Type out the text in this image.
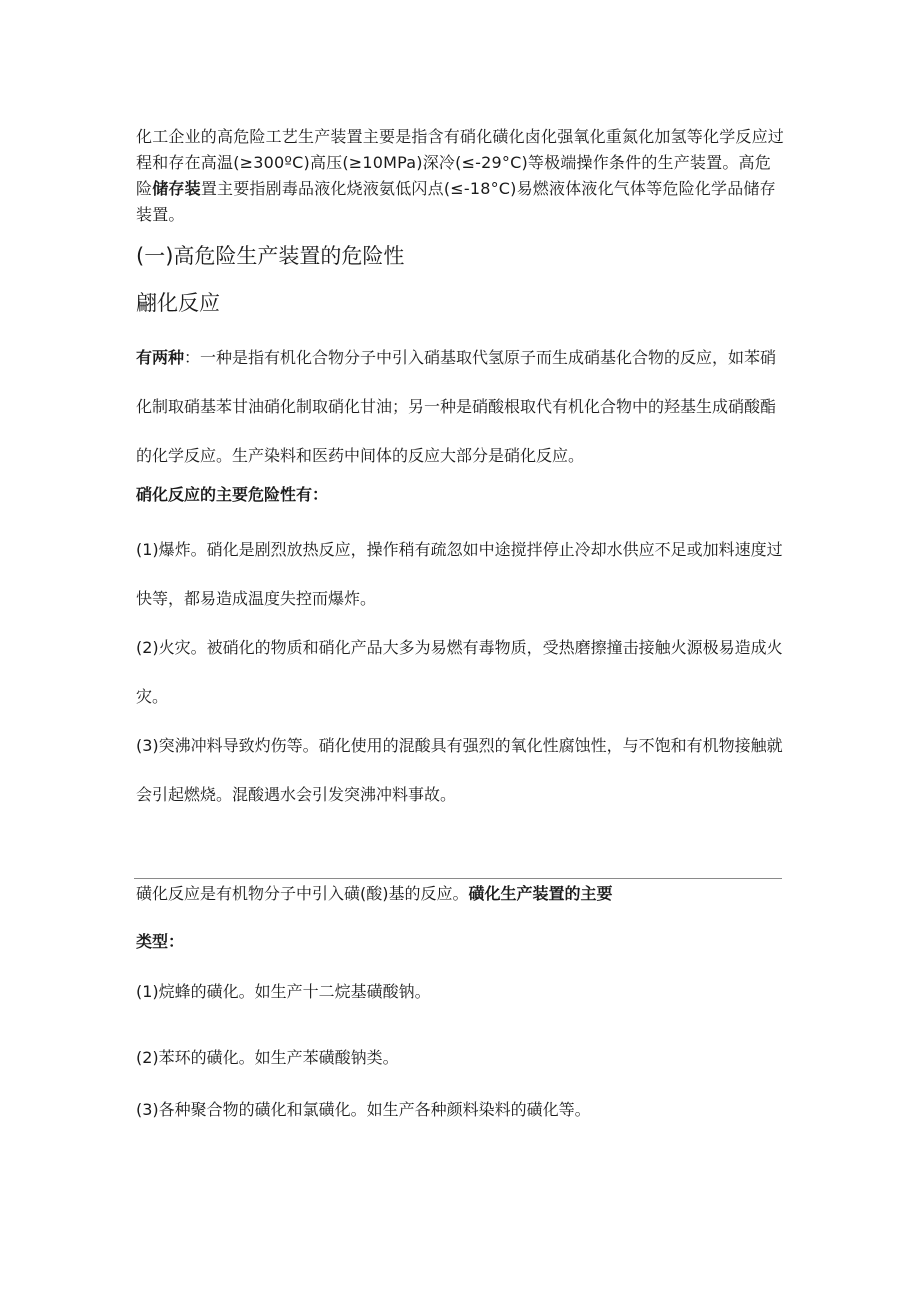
化工企业的高危险工艺生产装置主要是指含有硝化磺化卤化强氧化重氮化加氢等化学反应过程和存在高温(≥300ºC)高压(≥10MPa)深冷(≤-29°C)等极端操作条件的生产装置。高危险储存装置主要指剧毒品液化烧液氨低闪点(≤-18°C)易燃液体液化气体等危险化学品储存装置。

(一)高危险生产装置的危险性
翩化反应

有两种：一种是指有机化合物分子中引入硝基取代氢原子而生成硝基化合物的反应，如苯硝化制取硝基苯甘油硝化制取硝化甘油；另一种是硝酸根取代有机化合物中的羟基生成硝酸酯的化学反应。生产染料和医药中间体的反应大部分是硝化反应。

硝化反应的主要危险性有：

(1)爆炸。硝化是剧烈放热反应，操作稍有疏忽如中途搅拌停止冷却水供应不足或加料速度过快等，都易造成温度失控而爆炸。

(2)火灾。被硝化的物质和硝化产品大多为易燃有毒物质，受热磨擦撞击接触火源极易造成火灾。

(3)突沸冲料导致灼伤等。硝化使用的混酸具有强烈的氧化性腐蚀性，与不饱和有机物接触就会引起燃烧。混酸遇水会引发突沸冲料事故。

磺化反应是有机物分子中引入磺(酸)基的反应。磺化生产装置的主要

类型：

(1)烷蜂的磺化。如生产十二烷基磺酸钠。

(2)苯环的磺化。如生产苯磺酸钠类。

(3)各种聚合物的磺化和氯磺化。如生产各种颜料染料的磺化等。
